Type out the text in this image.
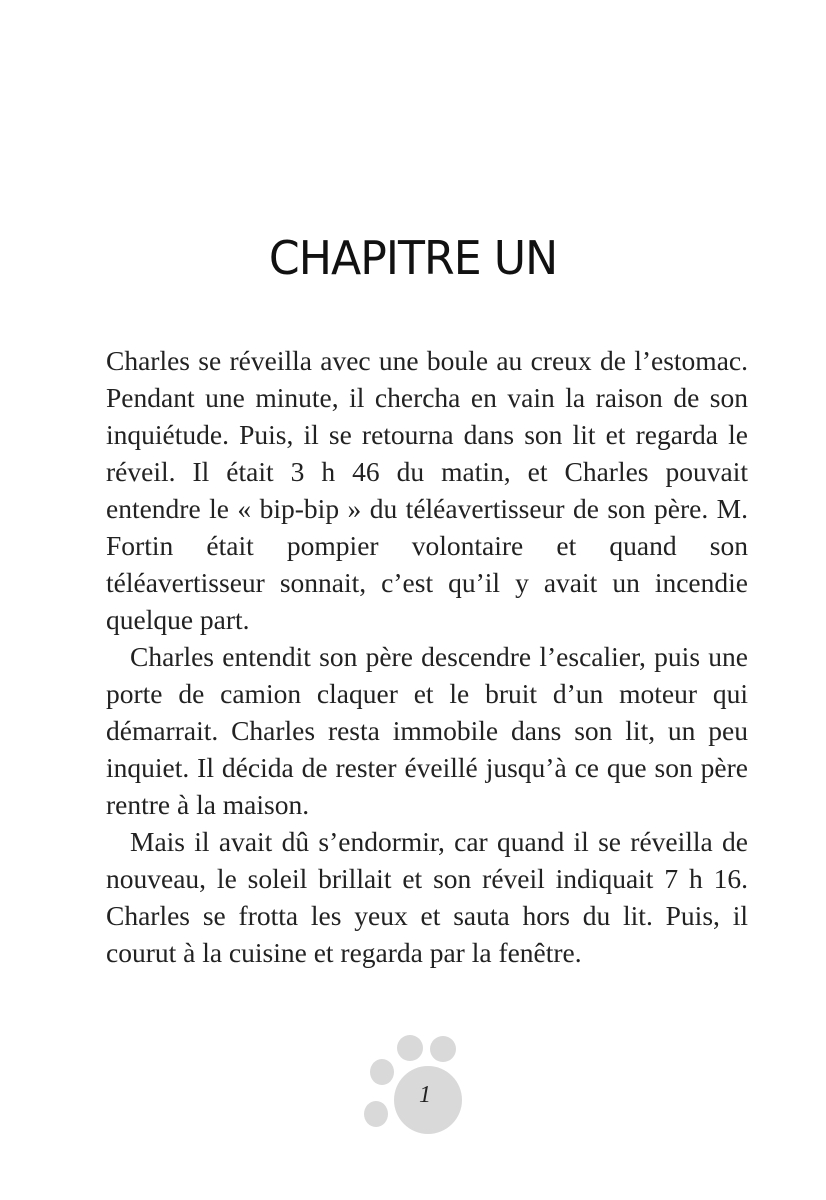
CHAPITRE UN

Charles se réveilla avec une boule au creux de l’estomac. Pendant une minute, il chercha en vain la raison de son inquiétude. Puis, il se retourna dans son lit et regarda le réveil. Il était 3 h 46 du matin, et Charles pouvait entendre le « bip-bip » du téléavertisseur de son père. M. Fortin était pompier volontaire et quand son téléavertisseur sonnait, c’est qu’il y avait un incendie quelque part.

Charles entendit son père descendre l’escalier, puis une porte de camion claquer et le bruit d’un moteur qui démarrait. Charles resta immobile dans son lit, un peu inquiet. Il décida de rester éveillé jusqu’à ce que son père rentre à la maison.

Mais il avait dû s’endormir, car quand il se réveilla de nouveau, le soleil brillait et son réveil indiquait 7 h 16. Charles se frotta les yeux et sauta hors du lit. Puis, il courut à la cuisine et regarda par la fenêtre.

1
